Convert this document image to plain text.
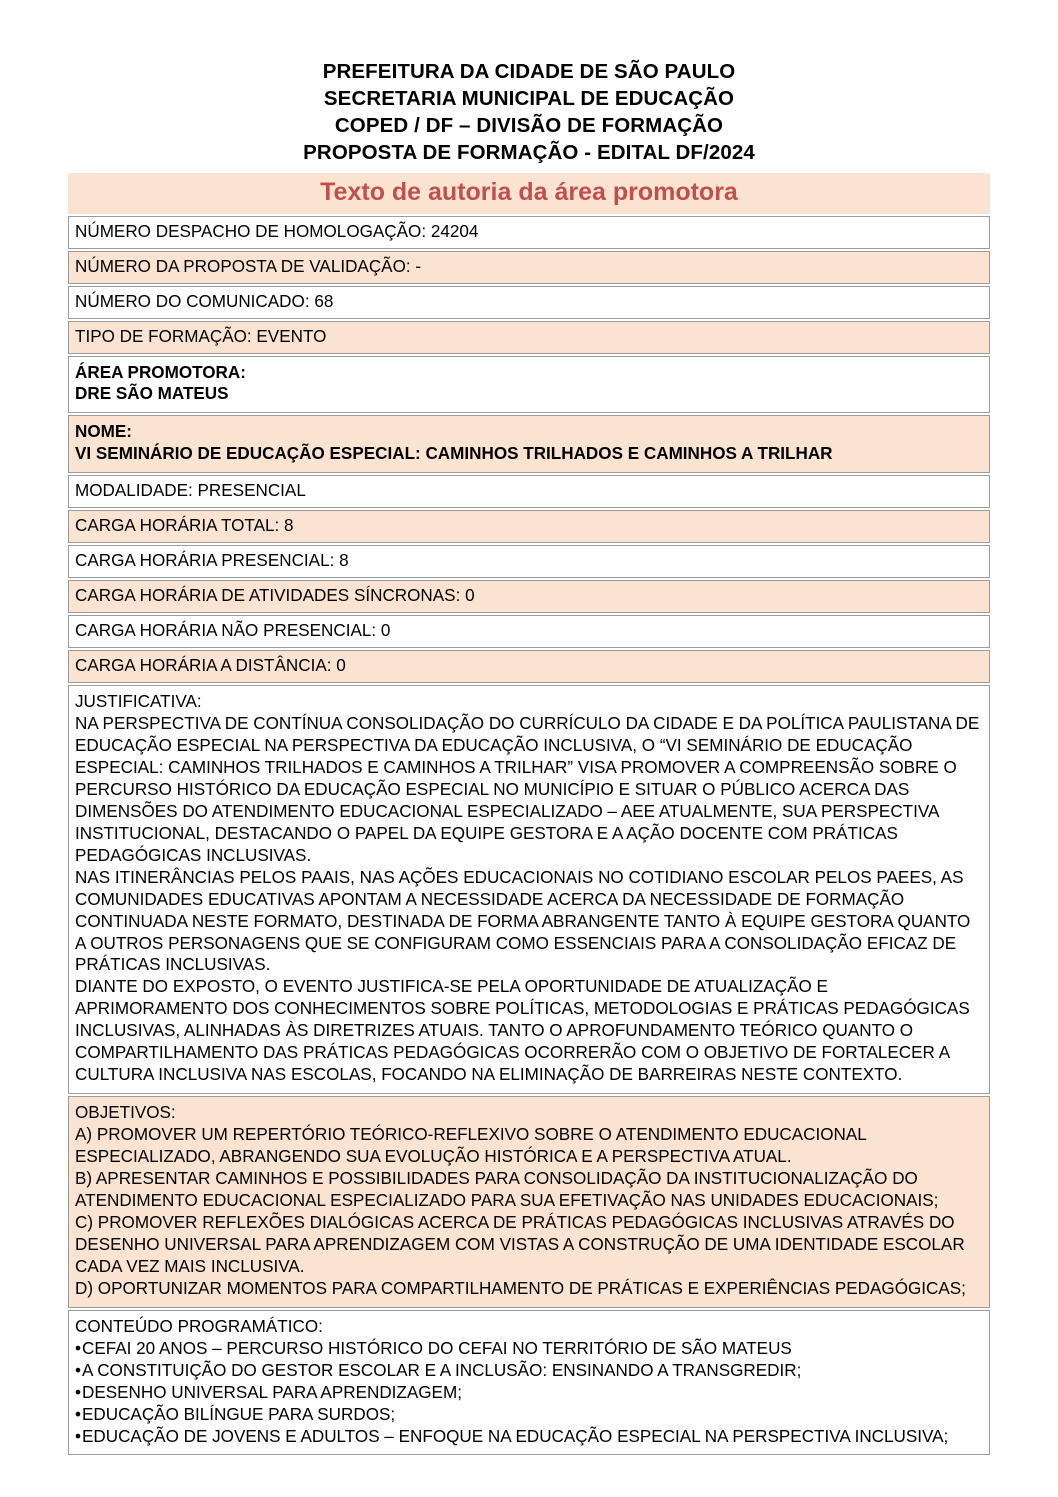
PREFEITURA DA CIDADE DE SÃO PAULO
SECRETARIA MUNICIPAL DE EDUCAÇÃO
COPED / DF – DIVISÃO DE FORMAÇÃO
PROPOSTA DE FORMAÇÃO - EDITAL DF/2024
Texto de autoria da área promotora
NÚMERO DESPACHO DE HOMOLOGAÇÃO: 24204

NÚMERO DA PROPOSTA DE VALIDAÇÃO: -

NÚMERO DO COMUNICADO: 68

TIPO DE FORMAÇÃO: EVENTO

ÁREA PROMOTORA:
DRE SÃO MATEUS

NOME:
VI SEMINÁRIO DE EDUCAÇÃO ESPECIAL: CAMINHOS TRILHADOS E CAMINHOS A TRILHAR

MODALIDADE: PRESENCIAL

CARGA HORÁRIA TOTAL: 8

CARGA HORÁRIA PRESENCIAL: 8

CARGA HORÁRIA DE ATIVIDADES SÍNCRONAS: 0

CARGA HORÁRIA NÃO PRESENCIAL: 0

CARGA HORÁRIA A DISTÂNCIA: 0

JUSTIFICATIVA:
NA PERSPECTIVA DE CONTÍNUA CONSOLIDAÇÃO DO CURRÍCULO DA CIDADE E DA POLÍTICA PAULISTANA DE EDUCAÇÃO ESPECIAL NA PERSPECTIVA DA EDUCAÇÃO INCLUSIVA, O “VI SEMINÁRIO DE EDUCAÇÃO ESPECIAL: CAMINHOS TRILHADOS E CAMINHOS A TRILHAR” VISA PROMOVER A COMPREENSÃO SOBRE O PERCURSO HISTÓRICO DA EDUCAÇÃO ESPECIAL NO MUNICÍPIO E SITUAR O PÚBLICO ACERCA DAS DIMENSÕES DO ATENDIMENTO EDUCACIONAL ESPECIALIZADO – AEE ATUALMENTE, SUA PERSPECTIVA INSTITUCIONAL, DESTACANDO O PAPEL DA EQUIPE GESTORA E A AÇÃO DOCENTE COM PRÁTICAS PEDAGÓGICAS INCLUSIVAS.
NAS ITINERÂNCIAS PELOS PAAIS, NAS AÇÕES EDUCACIONAIS NO COTIDIANO ESCOLAR PELOS PAEES, AS COMUNIDADES EDUCATIVAS APONTAM A NECESSIDADE ACERCA DA NECESSIDADE DE FORMAÇÃO CONTINUADA NESTE FORMATO, DESTINADA DE FORMA ABRANGENTE TANTO À EQUIPE GESTORA QUANTO A OUTROS PERSONAGENS QUE SE CONFIGURAM COMO ESSENCIAIS PARA A CONSOLIDAÇÃO EFICAZ DE PRÁTICAS INCLUSIVAS.
DIANTE DO EXPOSTO, O EVENTO JUSTIFICA-SE PELA OPORTUNIDADE DE ATUALIZAÇÃO E APRIMORAMENTO DOS CONHECIMENTOS SOBRE POLÍTICAS, METODOLOGIAS E PRÁTICAS PEDAGÓGICAS INCLUSIVAS, ALINHADAS ÀS DIRETRIZES ATUAIS. TANTO O APROFUNDAMENTO TEÓRICO QUANTO O COMPARTILHAMENTO DAS PRÁTICAS PEDAGÓGICAS OCORRERÃO COM O OBJETIVO DE FORTALECER A CULTURA INCLUSIVA NAS ESCOLAS, FOCANDO NA ELIMINAÇÃO DE BARREIRAS NESTE CONTEXTO.

OBJETIVOS:
A) PROMOVER UM REPERTÓRIO TEÓRICO-REFLEXIVO SOBRE O ATENDIMENTO EDUCACIONAL ESPECIALIZADO, ABRANGENDO SUA EVOLUÇÃO HISTÓRICA E A PERSPECTIVA ATUAL.
B) APRESENTAR CAMINHOS E POSSIBILIDADES PARA CONSOLIDAÇÃO DA INSTITUCIONALIZAÇÃO DO ATENDIMENTO EDUCACIONAL ESPECIALIZADO PARA SUA EFETIVAÇÃO NAS UNIDADES EDUCACIONAIS;
C) PROMOVER REFLEXÕES DIALÓGICAS ACERCA DE PRÁTICAS PEDAGÓGICAS INCLUSIVAS ATRAVÉS DO DESENHO UNIVERSAL PARA APRENDIZAGEM COM VISTAS A CONSTRUÇÃO DE UMA IDENTIDADE ESCOLAR CADA VEZ MAIS INCLUSIVA.
D) OPORTUNIZAR MOMENTOS PARA COMPARTILHAMENTO DE PRÁTICAS E EXPERIÊNCIAS PEDAGÓGICAS;

CONTEÚDO PROGRAMÁTICO:
• CEFAI 20 ANOS – PERCURSO HISTÓRICO DO CEFAI NO TERRITÓRIO DE SÃO MATEUS
• A CONSTITUIÇÃO DO GESTOR ESCOLAR E A INCLUSÃO: ENSINANDO A TRANSGREDIR;
• DESENHO UNIVERSAL PARA APRENDIZAGEM;
• EDUCAÇÃO BILÍNGUE PARA SURDOS;
• EDUCAÇÃO DE JOVENS E ADULTOS – ENFOQUE NA EDUCAÇÃO ESPECIAL NA PERSPECTIVA INCLUSIVA;
